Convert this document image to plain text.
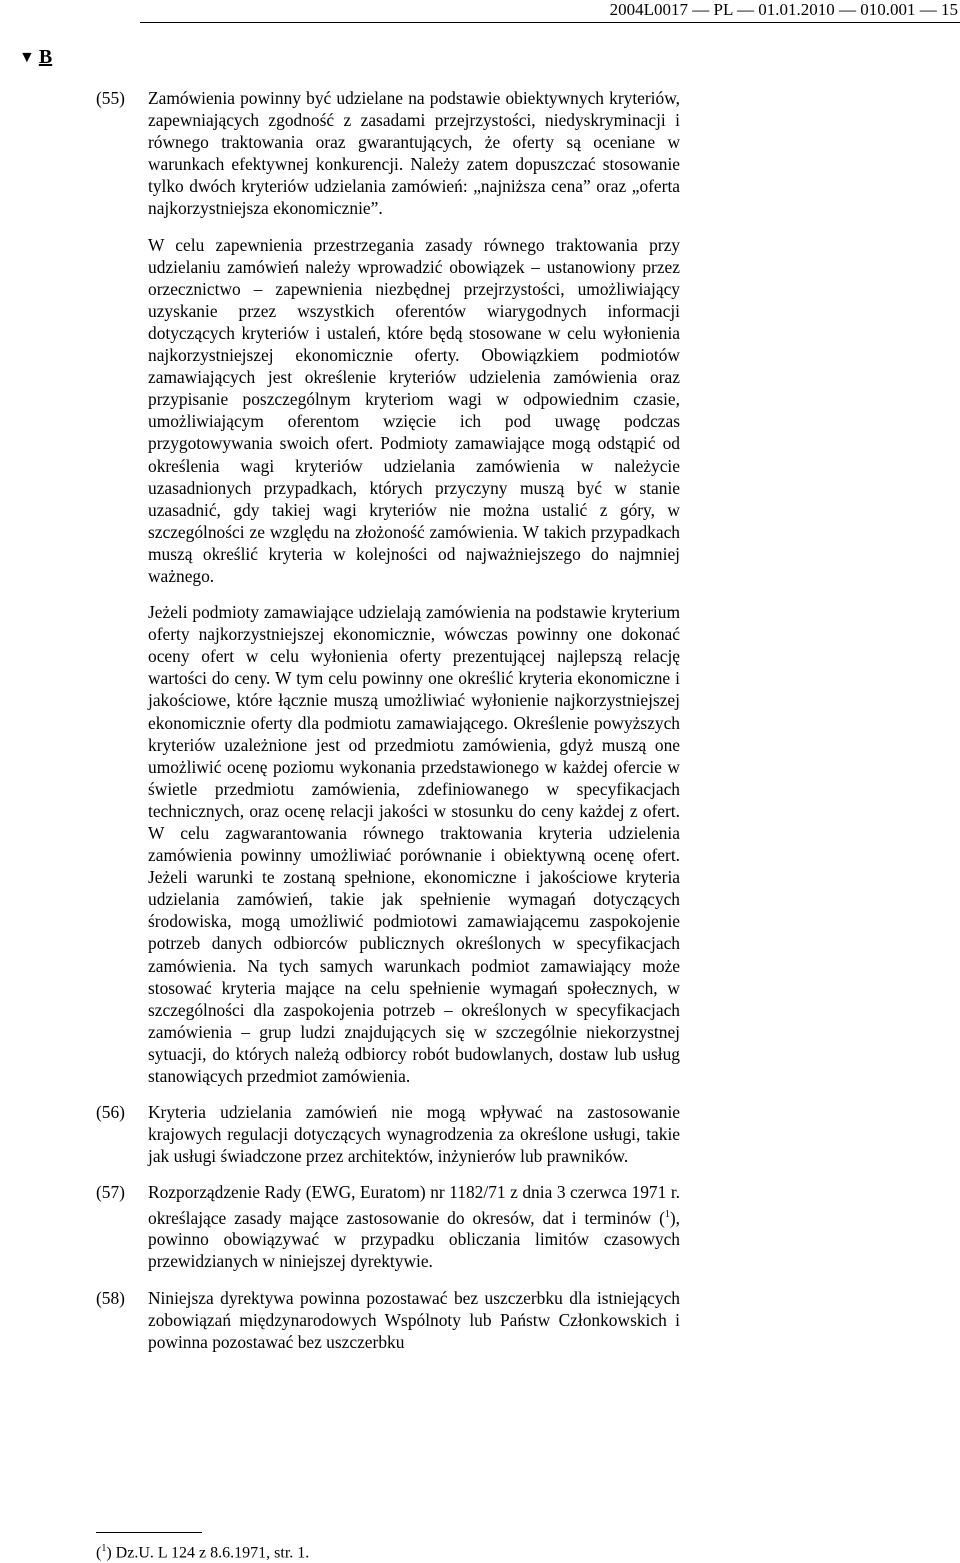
2004L0017 — PL — 01.01.2010 — 010.001 — 15
▼ B
(55) Zamówienia powinny być udzielane na podstawie obiektywnych kryteriów, zapewniających zgodność z zasadami przejrzystości, niedyskryminacji i równego traktowania oraz gwarantujących, że oferty są oceniane w warunkach efektywnej konkurencji. Należy zatem dopuszczać stosowanie tylko dwóch kryteriów udzielania zamówień: „najniższa cena” oraz „oferta najkorzystniejsza ekonomicznie”.
W celu zapewnienia przestrzegania zasady równego traktowania przy udzielaniu zamówień należy wprowadzić obowiązek – ustanowiony przez orzecznictwo – zapewnienia niezbędnej przejrzystości, umożliwiający uzyskanie przez wszystkich oferentów wiarygodnych informacji dotyczących kryteriów i ustaleń, które będą stosowane w celu wyłonienia najkorzystniejszej ekonomicznie oferty. Obowiązkiem podmiotów zamawiających jest określenie kryteriów udzielenia zamówienia oraz przypisanie poszczególnym kryteriom wagi w odpowiednim czasie, umożliwiającym oferentom wzięcie ich pod uwagę podczas przygotowywania swoich ofert. Podmioty zamawiające mogą odstąpić od określenia wagi kryteriów udzielania zamówienia w należycie uzasadnionych przypadkach, których przyczyny muszą być w stanie uzasadnić, gdy takiej wagi kryteriów nie można ustalić z góry, w szczególności ze względu na złożoność zamówienia. W takich przypadkach muszą określić kryteria w kolejności od najważniejszego do najmniej ważnego.
Jeżeli podmioty zamawiające udzielają zamówienia na podstawie kryterium oferty najkorzystniejszej ekonomicznie, wówczas powinny one dokonać oceny ofert w celu wyłonienia oferty prezentującej najlepszą relację wartości do ceny. W tym celu powinny one określić kryteria ekonomiczne i jakościowe, które łącznie muszą umożliwiać wyłonienie najkorzystniejszej ekonomicznie oferty dla podmiotu zamawiającego. Określenie powyższych kryteriów uzależnione jest od przedmiotu zamówienia, gdyż muszą one umożliwić ocenę poziomu wykonania przedstawionego w każdej ofercie w świetle przedmiotu zamówienia, zdefiniowanego w specyfikacjach technicznych, oraz ocenę relacji jakości w stosunku do ceny każdej z ofert. W celu zagwarantowania równego traktowania kryteria udzielenia zamówienia powinny umożliwiać porównanie i obiektywną ocenę ofert. Jeżeli warunki te zostaną spełnione, ekonomiczne i jakościowe kryteria udzielania zamówień, takie jak spełnienie wymagań dotyczących środowiska, mogą umożliwić podmiotowi zamawiającemu zaspokojenie potrzeb danych odbiorców publicznych określonych w specyfikacjach zamówienia. Na tych samych warunkach podmiot zamawiający może stosować kryteria mające na celu spełnienie wymagań społecznych, w szczególności dla zaspokojenia potrzeb – określonych w specyfikacjach zamówienia – grup ludzi znajdujących się w szczególnie niekorzystnej sytuacji, do których należą odbiorcy robót budowlanych, dostaw lub usług stanowiących przedmiot zamówienia.
(56) Kryteria udzielania zamówień nie mogą wpływać na zastosowanie krajowych regulacji dotyczących wynagrodzenia za określone usługi, takie jak usługi świadczone przez architektów, inżynierów lub prawników.
(57) Rozporządzenie Rady (EWG, Euratom) nr 1182/71 z dnia 3 czerwca 1971 r. określające zasady mające zastosowanie do okresów, dat i terminów ($^1$), powinno obowiązywać w przypadku obliczania limitów czasowych przewidzianych w niniejszej dyrektywie.
(58) Niniejsza dyrektywa powinna pozostawać bez uszczerbku dla istniejących zobowiązań międzynarodowych Wspólnoty lub Państw Członkowskich i powinna pozostawać bez uszczerbku
($^1$) Dz.U. L 124 z 8.6.1971, str. 1.
